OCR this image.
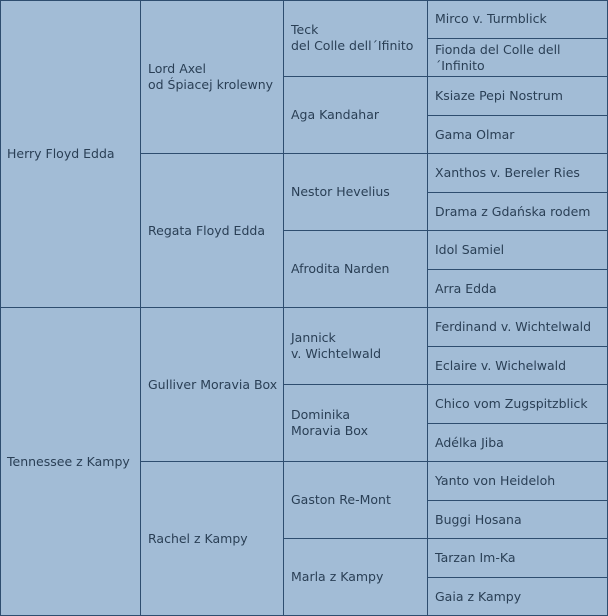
Herry Floyd Edda
Tennessee z Kampy
Lord Axel
od Śpiacej krolewny
Regata Floyd Edda
Gulliver Moravia Box
Rachel z Kampy
Teck
del Colle dell´Ifinito
Aga Kandahar
Nestor Hevelius
Afrodita Narden
Jannick
v. Wichtelwald
Dominika
Moravia Box
Gaston Re-Mont
Marla z Kampy
Mirco v. Turmblick
Fionda del Colle dell´Infinito
Ksiaze Pepi Nostrum
Gama Olmar
Xanthos v. Bereler Ries
Drama z Gdańska rodem
Idol Samiel
Arra Edda
Ferdinand v. Wichtelwald
Eclaire v. Wichelwald
Chico vom Zugspitzblick
Adélka Jiba
Yanto von Heideloh
Buggi Hosana
Tarzan Im-Ka
Gaia z Kampy
